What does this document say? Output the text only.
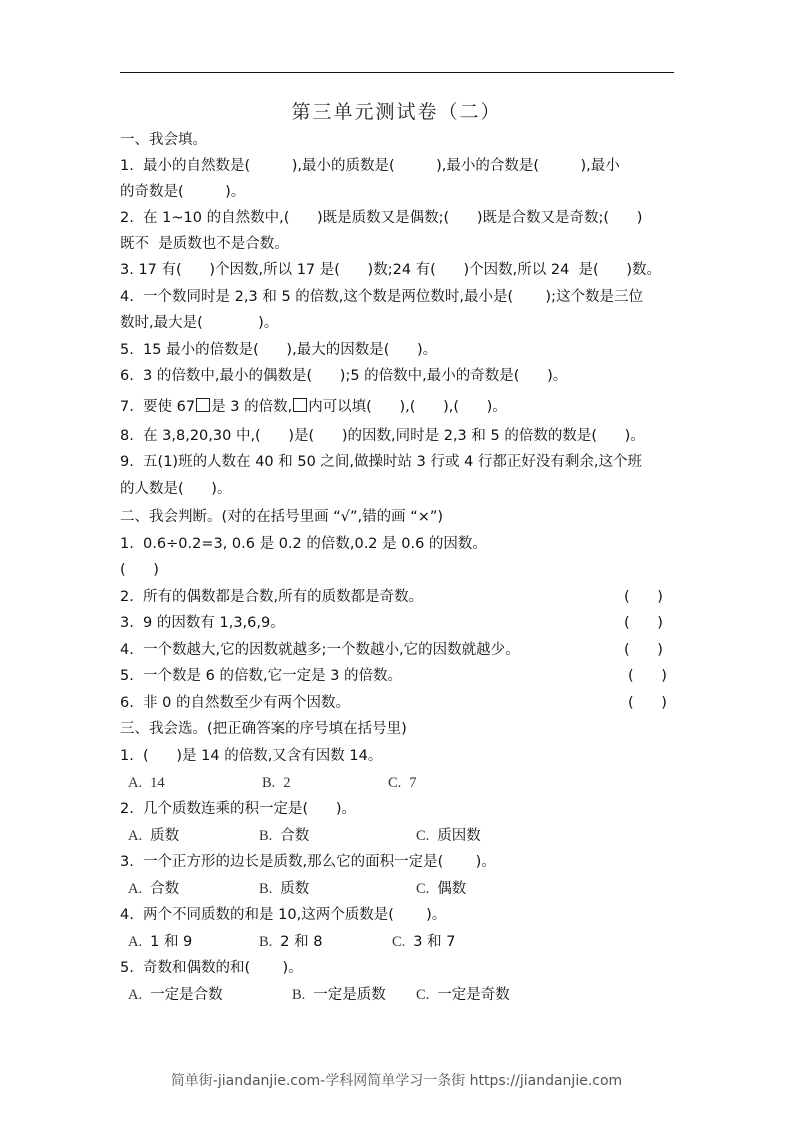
第三单元测试卷（二）
一、我会填。
1.  最小的自然数是(         ),最小的质数是(         ),最小的合数是(         ),最小
的奇数是(         )。
2.  在 1~10 的自然数中,(      )既是质数又是偶数;(      )既是合数又是奇数;(      )
既不  是质数也不是合数。
3. 17 有(      )个因数,所以 17 是(      )数;24 有(      )个因数,所以 24  是(      )数。
4.  一个数同时是 2,3 和 5 的倍数,这个数是两位数时,最小是(       );这个数是三位
数时,最大是(            )。
5.  15 最小的倍数是(      ),最大的因数是(      )。
6.  3 的倍数中,最小的偶数是(      );5 的倍数中,最小的奇数是(      )。
7.  要使 67 是 3 的倍数, 内可以填(      ),(      ),(      )。
8.  在 3,8,20,30 中,(      )是(      )的因数,同时是 2,3 和 5 的倍数的数是(      )。
9.  五(1)班的人数在 40 和 50 之间,做操时站 3 行或 4 行都正好没有剩余,这个班
的人数是(      )。
二、我会判断。(对的在括号里画 “√”,错的画 “×”)
1.  0.6÷0.2=3, 0.6 是 0.2 的倍数,0.2 是 0.6 的因数。
(      )
2.  所有的偶数都是合数,所有的质数都是奇数。	(      )
3.  9 的因数有 1,3,6,9。	(      )
4.  一个数越大,它的因数就越多;一个数越小,它的因数就越少。	(      )
5.  一个数是 6 的倍数,它一定是 3 的倍数。	(      )
6.  非 0 的自然数至少有两个因数。	(      )
三、我会选。(把正确答案的序号填在括号里)
1.  (      )是 14 的倍数,又含有因数 14。
A. 14	B. 2	C. 7
2.  几个质数连乘的积一定是(      )。
A. 质数	B. 合数	C. 质因数
3.  一个正方形的边长是质数,那么它的面积一定是(       )。
A. 合数	B. 质数	C. 偶数
4.  两个不同质数的和是 10,这两个质数是(       )。
A. 1 和 9	B. 2 和 8	C. 3 和 7
5.  奇数和偶数的和(       )。
A. 一定是合数	B. 一定是质数 C. 一定是奇数
简单街-jiandanjie.com-学科网简单学习一条街 https://jiandanjie.com
